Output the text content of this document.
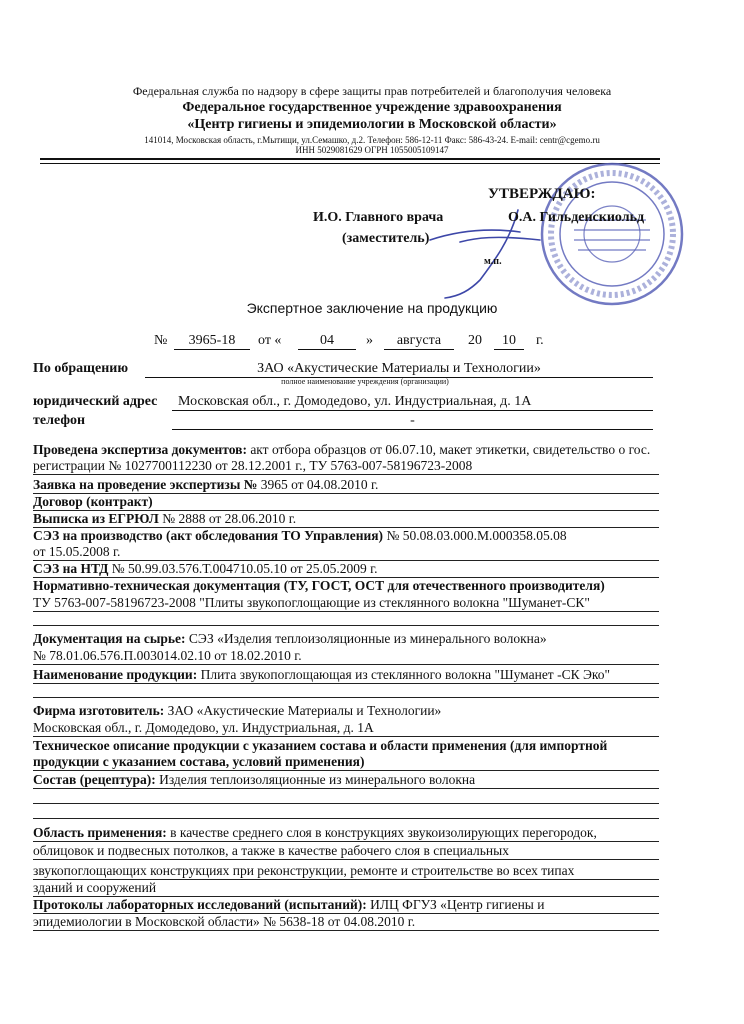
Федеральная служба по надзору в сфере защиты прав потребителей и благополучия человека
Федеральное государственное учреждение здравоохранения
«Центр гигиены и эпидемиологии в Московской области»
141014, Московская область, г.Мытищи, ул.Семашко, д.2. Телефон: 586-12-11 Факс: 586-43-24. E-mail: centr@cgemo.ru
ИНН 5029081629 ОГРН 1055005109147
УТВЕРЖДАЮ:
И.О. Главного врача
(заместитель)
О.А. Гильденскиольд
м.п.
Экспертное заключение на продукцию
№	3965-18	от «	04	»	августа	20	10	г.
По обращению	ЗАО «Акустические Материалы и Технологии»
полное наименование учреждения (организации)
юридический адрес	Московская обл., г. Домодедово, ул. Индустриальная, д. 1А
телефон	-
Проведена экспертиза документов: акт отбора образцов от 06.07.10, макет этикетки, свидетельство о гос. регистрации № 1027700112230 от 28.12.2001 г., ТУ 5763-007-58196723-2008
Заявка на проведение экспертизы № 3965 от 04.08.2010 г.
Договор (контракт)
Выписка из ЕГРЮЛ № 2888 от 28.06.2010 г.
СЭЗ на производство (акт обследования ТО Управления) № 50.08.03.000.М.000358.05.08
от 15.05.2008 г.
СЭЗ на НТД № 50.99.03.576.Т.004710.05.10 от 25.05.2009 г.
Нормативно-техническая документация (ТУ, ГОСТ, ОСТ для отечественного производителя)
ТУ 5763-007-58196723-2008 "Плиты звукопоглощающие из стеклянного волокна "Шуманет-СК"
Документация на сырье: СЭЗ «Изделия теплоизоляционные из минерального волокна»
№ 78.01.06.576.П.003014.02.10 от 18.02.2010 г.
Наименование продукции: Плита звукопоглощающая из стеклянного волокна "Шуманет -СК Эко"
Фирма изготовитель: ЗАО «Акустические Материалы и Технологии»
Московская обл., г. Домодедово, ул. Индустриальная, д. 1А
Техническое описание продукции с указанием состава и области применения (для импортной продукции с указанием состава, условий применения)
Состав (рецептура): Изделия теплоизоляционные из минерального волокна
Область применения: в качестве среднего слоя в конструкциях звукоизолирующих перегородок,
облицовок и подвесных потолков, а также в качестве рабочего слоя в специальных
звукопоглощающих конструкциях при реконструкции, ремонте и строительстве во всех типах
зданий и сооружений
Протоколы лабораторных исследований (испытаний): ИЛЦ ФГУЗ «Центр гигиены и
эпидемиологии в Московской области» № 5638-18 от 04.08.2010 г.
